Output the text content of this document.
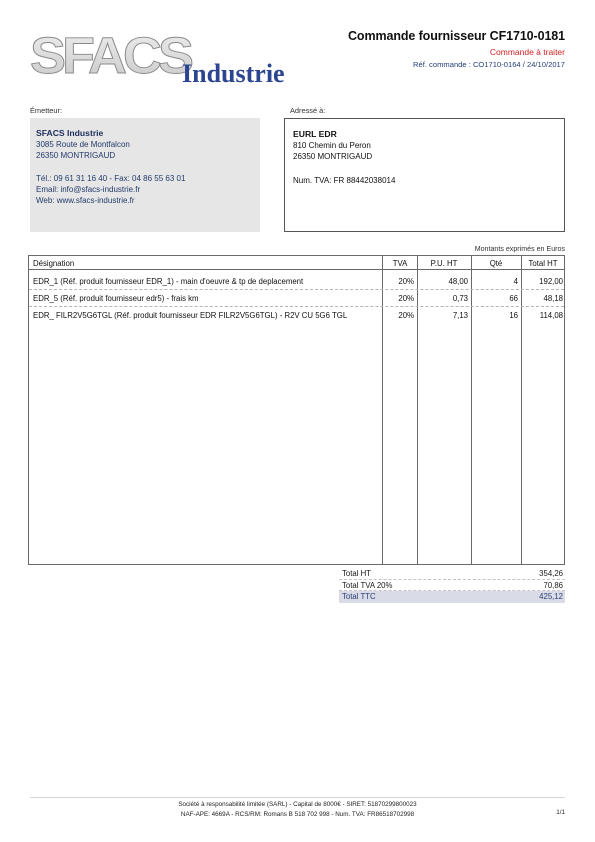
SFACS
Industrie
Commande fournisseur CF1710-0181
Commande à traiter
Réf. commande : CO1710-0164 / 24/10/2017
Émetteur:
SFACS Industrie
3085 Route de Montfalcon
26350 MONTRIGAUD
Tél.: 09 61 31 16 40 - Fax: 04 86 55 63 01
Email: info@sfacs-industrie.fr
Web: www.sfacs-industrie.fr
Adressé à:
EURL EDR
810 Chemin du Peron
26350 MONTRIGAUD
Num. TVA: FR 88442038014
Montants exprimés en Euros
Désignation	TVA	P.U. HT	Qté	Total HT
EDR_1 (Réf. produit fournisseur EDR_1) - main d'oeuvre & tp de deplacement	20%	48,00	4	192,00
EDR_5 (Réf. produit fournisseur edr5) - frais km	20%	0,73	66	48,18
EDR_ FILR2V5G6TGL (Réf. produit fournisseur EDR FILR2V5G6TGL) - R2V CU 5G6 TGL	20%	7,13	16	114,08
Total HT	354,26
Total TVA 20%	70,86
Total TTC	425,12
Société à responsabilité limitée (SARL) - Capital de 8000€ - SIRET: 51870299800023
NAF-APE: 4669A - RCS/RM: Romans B 518 702 998 - Num. TVA: FR86518702998	1/1
